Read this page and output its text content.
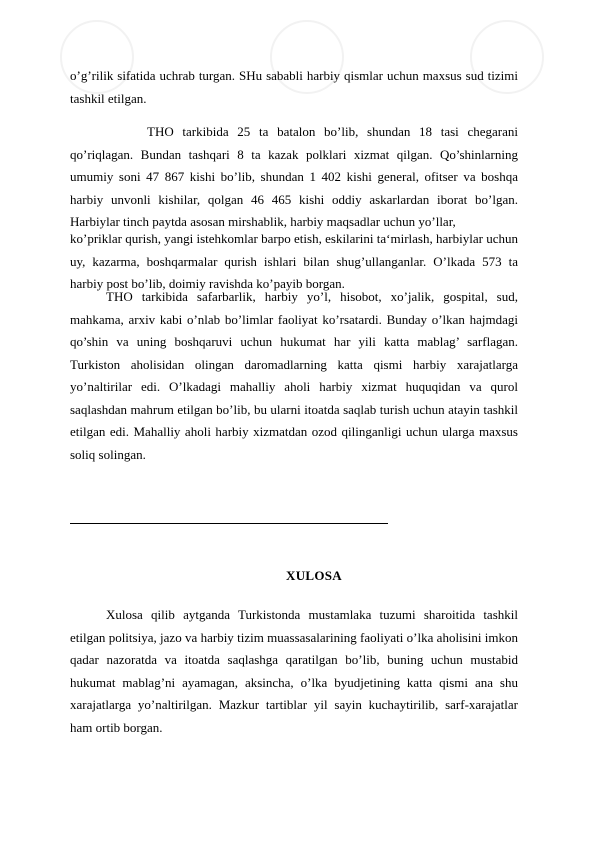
o’g’rilik sifatida uchrab turgan. SHu sababli harbiy qismlar uchun maxsus sud tizimi tashkil etilgan.

THO tarkibida 25 ta batalon bo’lib, shundan 18 tasi chegarani qo’riqlagan. Bundan tashqari 8 ta kazak polklari xizmat qilgan. Qo’shinlarning umumiy soni 47 867 kishi bo’lib, shundan 1 402 kishi general, ofitser va boshqa harbiy unvonli kishilar, qolgan 46 465 kishi oddiy askarlardan iborat bo’lgan. Harbiylar tinch paytda asosan mirshablik, harbiy maqsadlar uchun yo’llar,

ko’priklar qurish, yangi istehkomlar barpo etish, eskilarini ta‘mirlash, harbiylar uchun uy, kazarma, boshqarmalar qurish ishlari bilan shug’ullanganlar. O’lkada 573 ta harbiy post bo’lib, doimiy ravishda ko’payib borgan.

THO tarkibida safarbarlik, harbiy yo’l, hisobot, xo’jalik, gospital, sud, mahkama, arxiv kabi o’nlab bo’limlar faoliyat ko’rsatardi. Bunday o’lkan hajmdagi qo’shin va uning boshqaruvi uchun hukumat har yili katta mablag’ sarflagan. Turkiston aholisidan olingan daromadlarning katta qismi harbiy xarajatlarga yo’naltirilar edi. O’lkadagi mahalliy aholi harbiy xizmat huquqidan va qurol saqlashdan mahrum etilgan bo’lib, bu ularni itoatda saqlab turish uchun atayin tashkil etilgan edi. Mahalliy aholi harbiy xizmatdan ozod qilinganligi uchun ularga maxsus soliq solingan.

XULOSA

Xulosa qilib aytganda Turkistonda mustamlaka tuzumi sharoitida tashkil etilgan politsiya, jazo va harbiy tizim muassasalarining faoliyati o’lka aholisini imkon qadar nazoratda va itoatda saqlashga qaratilgan bo’lib, buning uchun mustabid hukumat mablag’ni ayamagan, aksincha, o’lka byudjetining katta qismi ana shu xarajatlarga yo’naltirilgan. Mazkur tartiblar yil sayin kuchaytirilib, sarf-xarajatlar ham ortib borgan.
